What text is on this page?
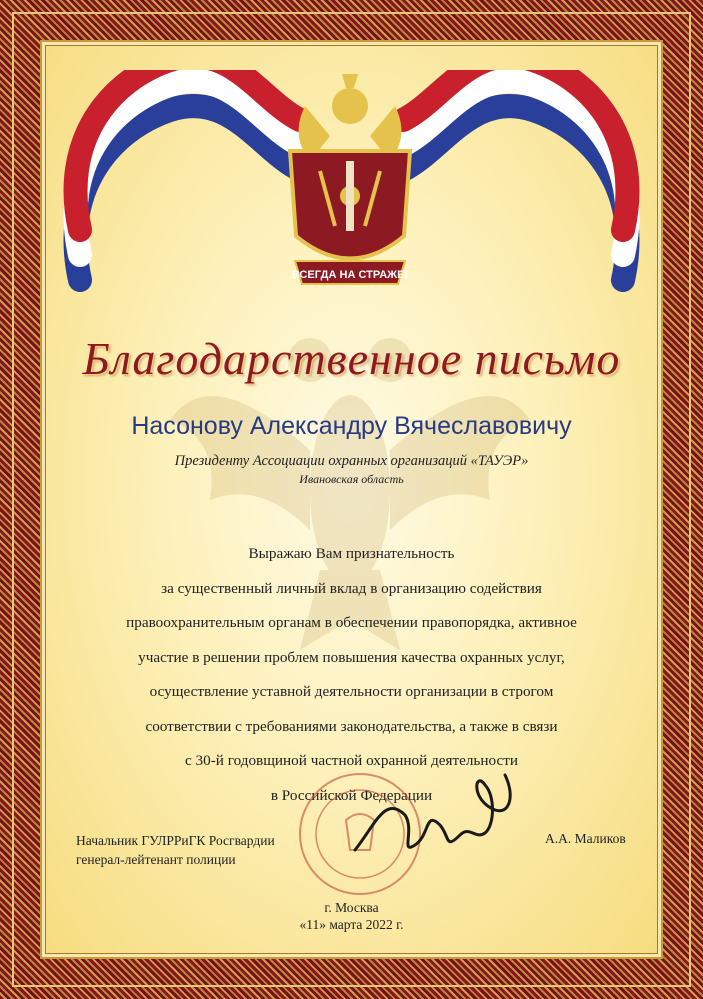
ВСЕГДА НА СТРАЖЕ!
Благодарственное письмо
Насонову Александру Вячеславовичу
Президенту Ассоциации охранных организаций «ТАУЭР»
Ивановская область
Выражаю Вам признательность
за существенный личный вклад в организацию содействия
правоохранительным органам в обеспечении правопорядка, активное
участие в решении проблем повышения качества охранных услуг,
осуществление уставной деятельности организации в строгом
соответствии с требованиями законодательства, а также в связи
с 30-й годовщиной частной охранной деятельности
в Российской Федерации
Начальник ГУЛРРиГК Росгвардии
генерал-лейтенант полиции
А.А. Маликов
г. Москва
«11» марта 2022 г.
